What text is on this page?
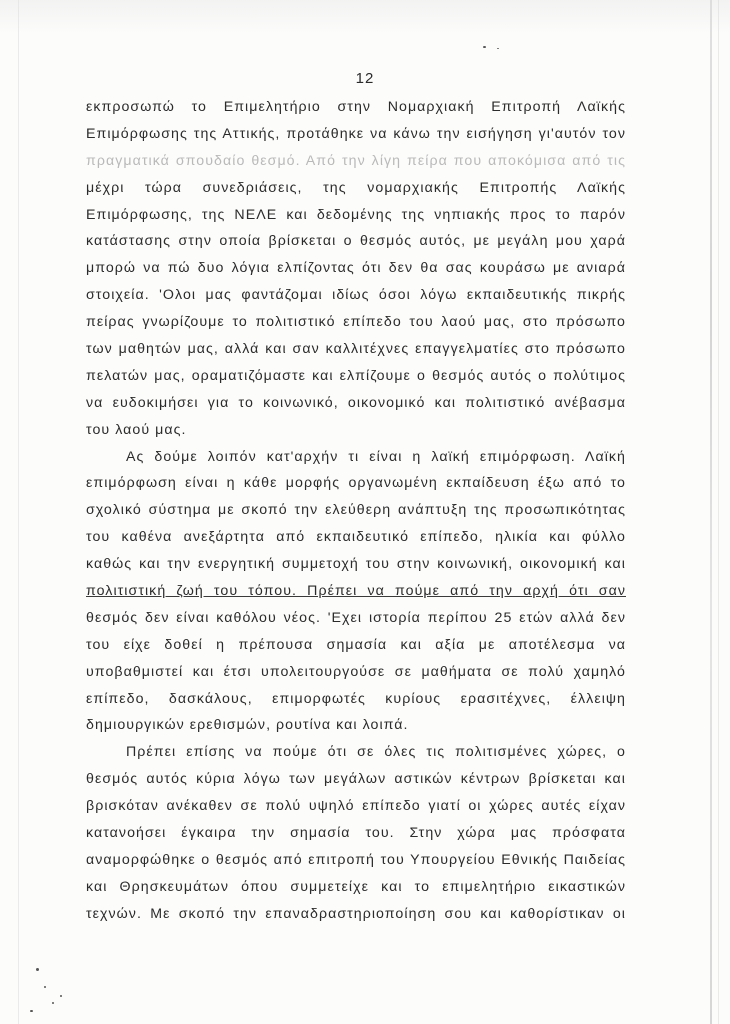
12
εκπροσωπώ το Επιμελητήριο στην Νομαρχιακή Επιτροπή Λαϊκής
Επιμόρφωσης της Αττικής, προτάθηκε να κάνω την εισήγηση γι'αυτόν τον
πραγματικά σπουδαίο θεσμό. Από την λίγη πείρα που αποκόμισα από τις
μέχρι τώρα συνεδριάσεις, της νομαρχιακής Επιτροπής Λαϊκής
Επιμόρφωσης, της ΝΕΛΕ και δεδομένης της νηπιακής προς το παρόν
κατάστασης στην οποία βρίσκεται ο θεσμός αυτός, με μεγάλη μου χαρά
μπορώ να πώ δυο λόγια ελπίζοντας ότι δεν θα σας κουράσω με ανιαρά
στοιχεία. 'Ολοι μας φαντάζομαι ιδίως όσοι λόγω εκπαιδευτικής πικρής
πείρας γνωρίζουμε το πολιτιστικό επίπεδο του λαού μας, στο πρόσωπο
των μαθητών μας, αλλά και σαν καλλιτέχνες επαγγελματίες στο πρόσωπο
πελατών μας, οραματιζόμαστε και ελπίζουμε ο θεσμός αυτός ο πολύτιμος
να ευδοκιμήσει για το κοινωνικό, οικονομικό και πολιτιστικό ανέβασμα
του λαού μας.
Ας δούμε λοιπόν κατ'αρχήν τι είναι η λαϊκή επιμόρφωση. Λαϊκή
επιμόρφωση είναι η κάθε μορφής οργανωμένη εκπαίδευση έξω από το
σχολικό σύστημα με σκοπό την ελεύθερη ανάπτυξη της προσωπικότητας
του καθένα ανεξάρτητα από εκπαιδευτικό επίπεδο, ηλικία και φύλλο
καθώς και την ενεργητική συμμετοχή του στην κοινωνική, οικονομική και
πολιτιστική ζωή του τόπου. Πρέπει να πούμε από την αρχή ότι σαν
θεσμός δεν είναι καθόλου νέος. 'Εχει ιστορία περίπου 25 ετών αλλά δεν
του είχε δοθεί η πρέπουσα σημασία και αξία με αποτέλεσμα να
υποβαθμιστεί και έτσι υπολειτουργούσε σε μαθήματα σε πολύ χαμηλό
επίπεδο, δασκάλους, επιμορφωτές κυρίους ερασιτέχνες, έλλειψη
δημιουργικών ερεθισμών, ρουτίνα και λοιπά.
Πρέπει επίσης να πούμε ότι σε όλες τις πολιτισμένες χώρες, ο
θεσμός αυτός κύρια λόγω των μεγάλων αστικών κέντρων βρίσκεται και
βρισκόταν ανέκαθεν σε πολύ υψηλό επίπεδο γιατί οι χώρες αυτές είχαν
κατανοήσει έγκαιρα την σημασία του. Στην χώρα μας πρόσφατα
αναμορφώθηκε ο θεσμός από επιτροπή του Υπουργείου Εθνικής Παιδείας
και Θρησκευμάτων όπου συμμετείχε και το επιμελητήριο εικαστικών
τεχνών. Με σκοπό την επαναδραστηριοποίηση σου και καθορίστικαν οι
